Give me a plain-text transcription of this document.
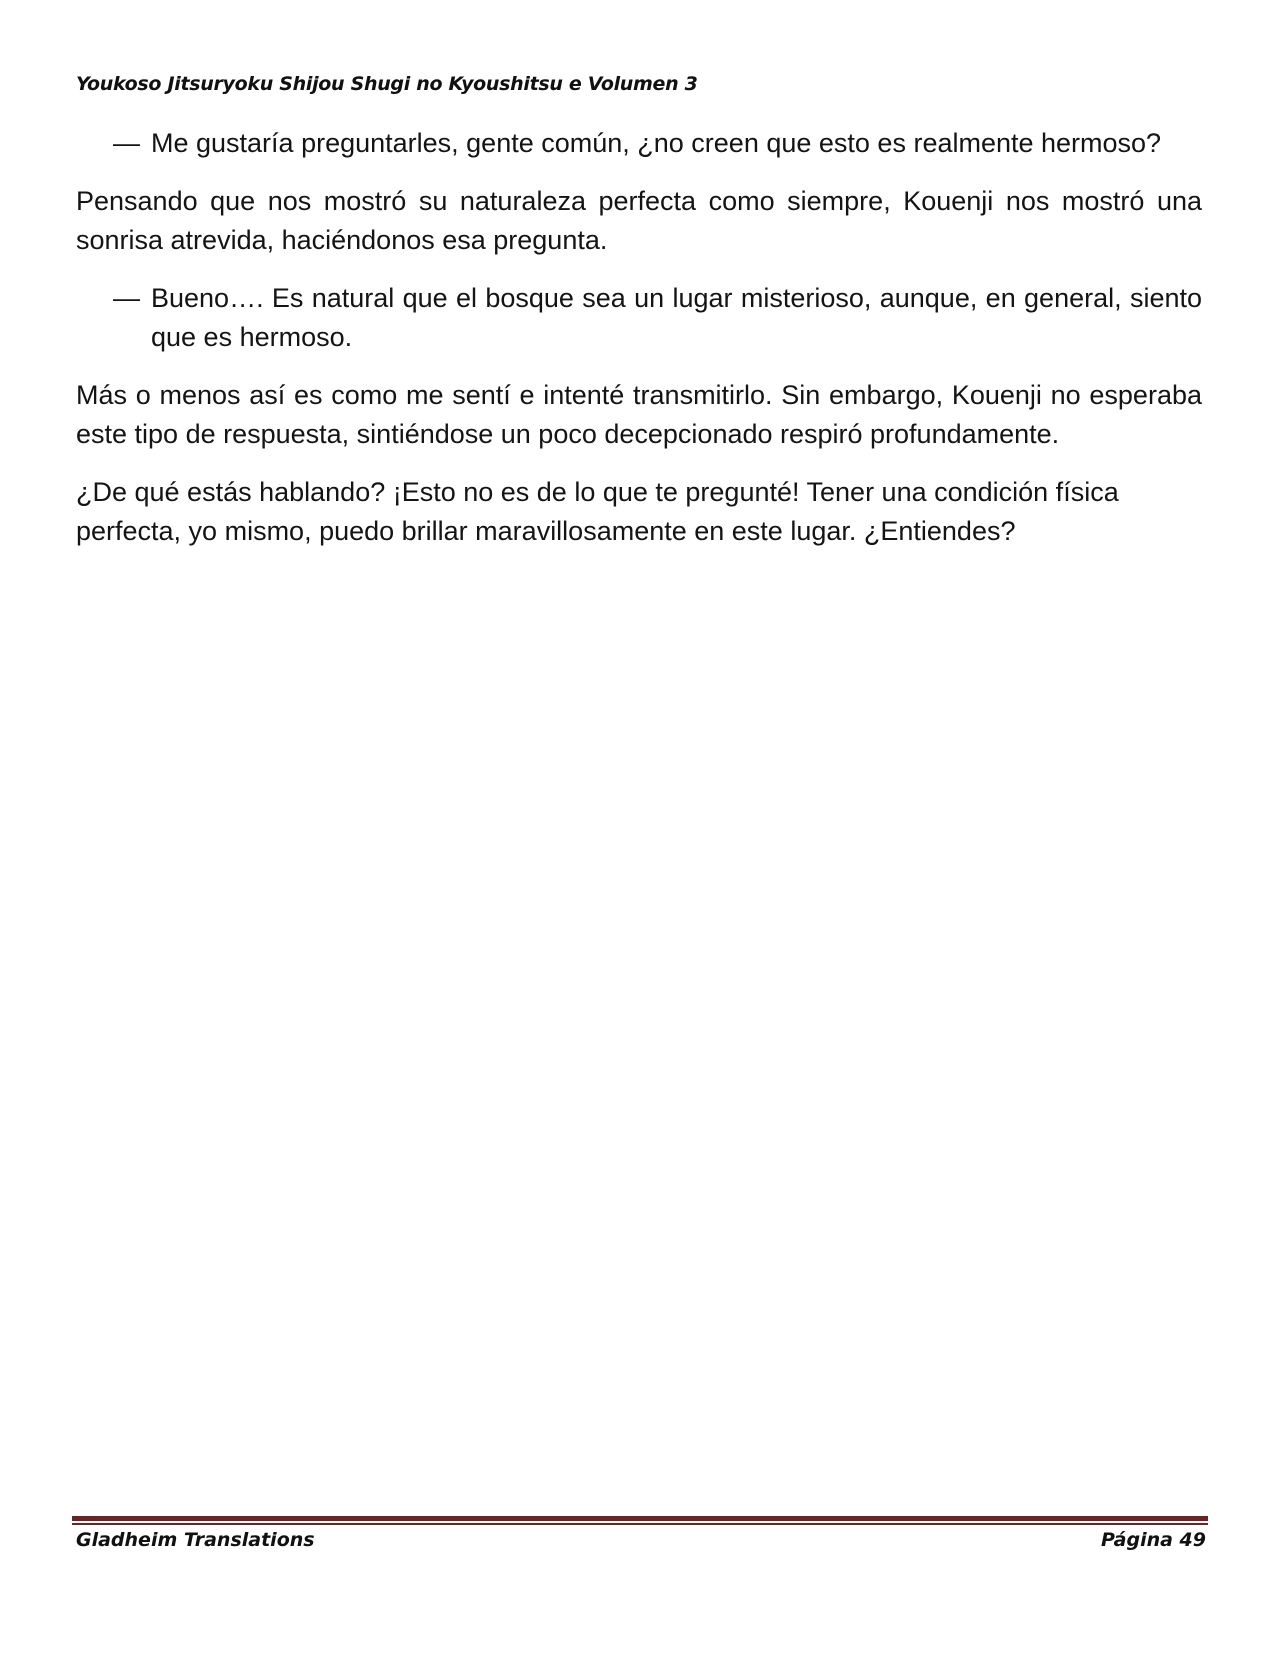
Youkoso Jitsuryoku Shijou Shugi no Kyoushitsu e Volumen 3
— Me gustaría preguntarles, gente común, ¿no creen que esto es realmente hermoso?

Pensando que nos mostró su naturaleza perfecta como siempre, Kouenji nos mostró una sonrisa atrevida, haciéndonos esa pregunta.

— Bueno…. Es natural que el bosque sea un lugar misterioso, aunque, en general, siento que es hermoso.

Más o menos así es como me sentí e intenté transmitirlo. Sin embargo, Kouenji no esperaba este tipo de respuesta, sintiéndose un poco decepcionado respiró profundamente.

¿De qué estás hablando? ¡Esto no es de lo que te pregunté! Tener una condición física perfecta, yo mismo, puedo brillar maravillosamente en este lugar. ¿Entiendes?

Gladheim Translations	Página 49
